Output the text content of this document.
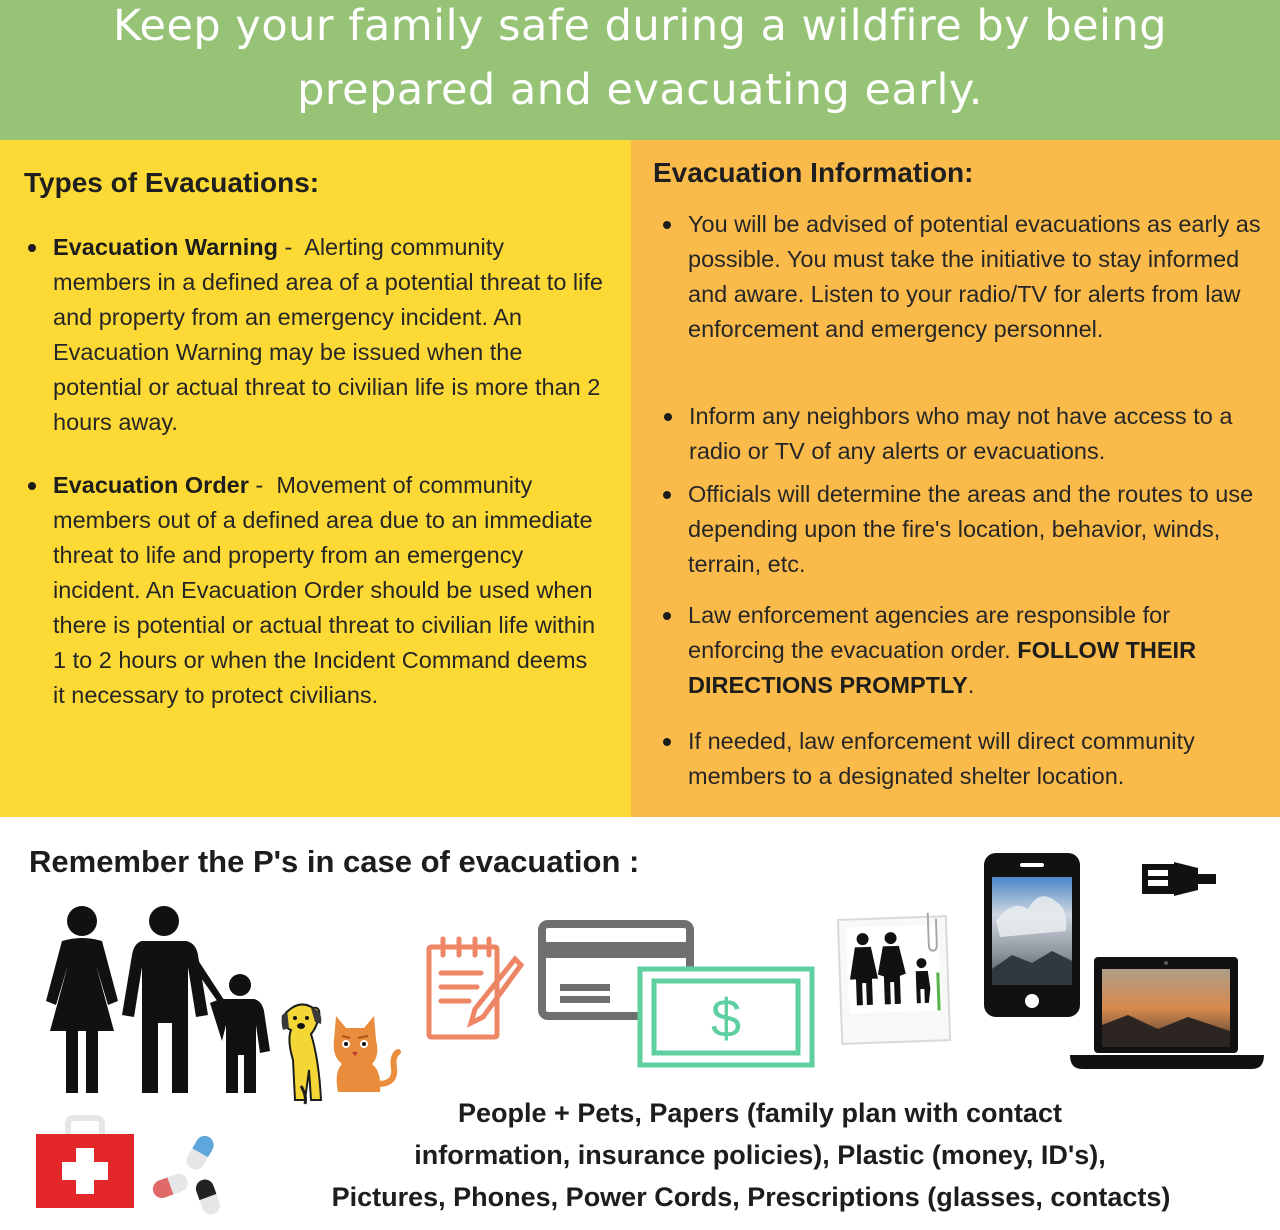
Keep your family safe during a wildfire by being
prepared and evacuating early.
Types of Evacuations:
Evacuation Warning -  Alerting community members in a defined area of a potential threat to life and property from an emergency incident. An Evacuation Warning may be issued when the potential or actual threat to civilian life is more than 2 hours away.
Evacuation Order -  Movement of community members out of a defined area due to an immediate threat to life and property from an emergency incident. An Evacuation Order should be used when there is potential or actual threat to civilian life within 1 to 2 hours or when the Incident Command deems it necessary to protect civilians.
Evacuation Information:
You will be advised of potential evacuations as early as possible. You must take the initiative to stay informed and aware. Listen to your radio/TV for alerts from law enforcement and emergency personnel.
Inform any neighbors who may not have access to a radio or TV of any alerts or evacuations.
Officials will determine the areas and the routes to use depending upon the fire's location, behavior, winds, terrain, etc.
Law enforcement agencies are responsible for enforcing the evacuation order. FOLLOW THEIR DIRECTIONS PROMPTLY.
If needed, law enforcement will direct community members to a designated shelter location.
Remember the P's in case of evacuation :
$

People + Pets, Papers (family plan with contact
information, insurance policies), Plastic (money, ID's),
Pictures, Phones, Power Cords, Prescriptions (glasses, contacts)
